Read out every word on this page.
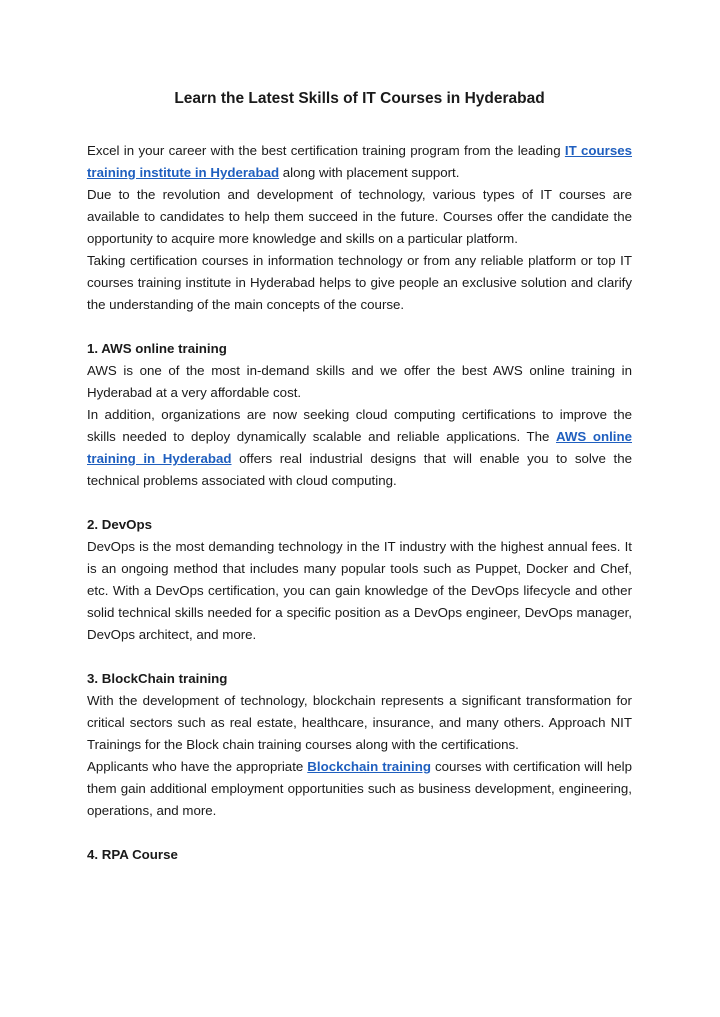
Learn the Latest Skills of IT Courses in Hyderabad

Excel in your career with the best certification training program from the leading IT courses training institute in Hyderabad along with placement support.

Due to the revolution and development of technology, various types of IT courses are available to candidates to help them succeed in the future. Courses offer the candidate the opportunity to acquire more knowledge and skills on a particular platform.

Taking certification courses in information technology or from any reliable platform or top IT courses training institute in Hyderabad helps to give people an exclusive solution and clarify the understanding of the main concepts of the course.

1. AWS online training

AWS is one of the most in-demand skills and we offer the best AWS online training in Hyderabad at a very affordable cost.

In addition, organizations are now seeking cloud computing certifications to improve the skills needed to deploy dynamically scalable and reliable applications. The AWS online training in Hyderabad offers real industrial designs that will enable you to solve the technical problems associated with cloud computing.

2. DevOps

DevOps is the most demanding technology in the IT industry with the highest annual fees. It is an ongoing method that includes many popular tools such as Puppet, Docker and Chef, etc. With a DevOps certification, you can gain knowledge of the DevOps lifecycle and other solid technical skills needed for a specific position as a DevOps engineer, DevOps manager, DevOps architect, and more.

3. BlockChain training

With the development of technology, blockchain represents a significant transformation for critical sectors such as real estate, healthcare, insurance, and many others. Approach NIT Trainings for the Block chain training courses along with the certifications.

Applicants who have the appropriate Blockchain training courses with certification will help them gain additional employment opportunities such as business development, engineering, operations, and more.

4. RPA Course
